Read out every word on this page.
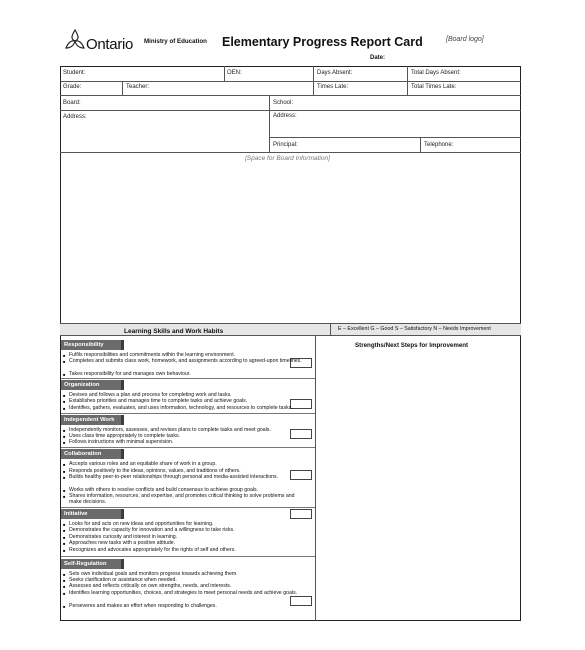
Ontario Ministry of Education Elementary Progress Report Card	[Board logo]
Date:
Student:	OEN:	Days Absent:	Total Days Absent:
Grade:	Teacher:	Times Late:	Total Times Late:
Board:	School:
Address:	Address:
Principal:	Telephone:
[Space for Board Information]
Learning Skills and Work Habits	E – Excellent G – Good S – Satisfactory N – Needs Improvement
Strengths/Next Steps for Improvement
Responsibility
■ Fulfils responsibilities and commitments within the learning environment.
■ Completes and submits class work, homework, and assignments according to agreed-upon timelines.
■ Takes responsibility for and manages own behaviour.
Organization
■ Devises and follows a plan and process for completing work and tasks.
■ Establishes priorities and manages time to complete tasks and achieve goals.
■ Identifies, gathers, evaluates, and uses information, technology, and resources to complete tasks.
Independent Work
■ Independently monitors, assesses, and revises plans to complete tasks and meet goals.
■ Uses class time appropriately to complete tasks.
■ Follows instructions with minimal supervision.
Collaboration
■ Accepts various roles and an equitable share of work in a group.
■ Responds positively to the ideas, opinions, values, and traditions of others.
■ Builds healthy peer-to-peer relationships through personal and media-assisted interactions.
■ Works with others to resolve conflicts and build consensus to achieve group goals.
■ Shares information, resources, and expertise, and promotes critical thinking to solve problems and make decisions.
Initiative
■ Looks for and acts on new ideas and opportunities for learning.
■ Demonstrates the capacity for innovation and a willingness to take risks.
■ Demonstrates curiosity and interest in learning.
■ Approaches new tasks with a positive attitude.
■ Recognizes and advocates appropriately for the rights of self and others.
Self-Regulation
■ Sets own individual goals and monitors progress towards achieving them.
■ Seeks clarification or assistance when needed.
■ Assesses and reflects critically on own strengths, needs, and interests.
■ Identifies learning opportunities, choices, and strategies to meet personal needs and achieve goals.
■ Perseveres and makes an effort when responding to challenges.
